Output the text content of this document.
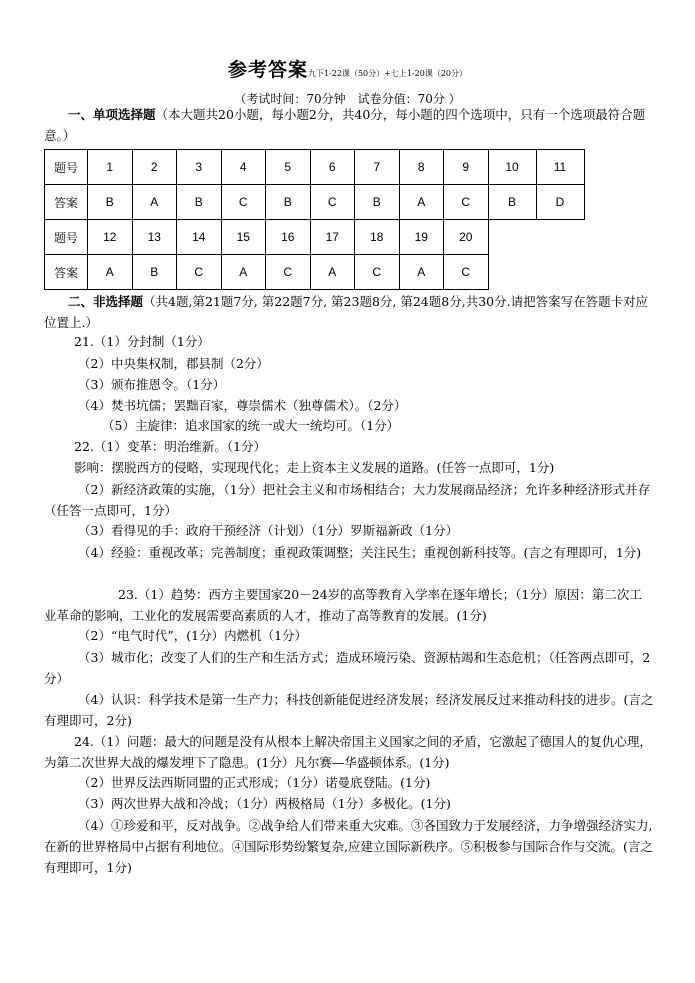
参考答案九下1-22课（50分）+七上1-20课（20分）
（考试时间：70分钟　试卷分值：70分 ）
一、单项选择题（本大题共20小题，每小题2分，共40分，每小题的四个选项中，只有一个选项最符合题意。）
题号	1	2	3	4	5	6	7	8	9	10	11
答案	B	A	B	C	B	C	B	A	C	B	D
题号	12	13	14	15	16	17	18	19	20		
答案	A	B	C	A	C	A	C	A	C		
二、非选择题（共4题,第21题7分, 第22题7分, 第23题8分, 第24题8分,共30分.请把答案写在答题卡对应位置上.）
21.（1）分封制（1分）
（2）中央集权制，郡县制（2分）
（3）颁布推恩令。（1分）
（4）焚书坑儒；罢黜百家，尊崇儒术（独尊儒术）。（2分）
（5）主旋律：追求国家的统一或大一统均可。（1分）
22.（1）变革：明治维新。（1分）
影响：摆脱西方的侵略，实现现代化；走上资本主义发展的道路。(任答一点即可，1分)
（2）新经济政策的实施，（1分）把社会主义和市场相结合；大力发展商品经济；允许多种经济形式并存（任答一点即可，1分）
（3）看得见的手：政府干预经济（计划）（1分）罗斯福新政（1分）
（4）经验：重视改革；完善制度；重视政策调整；关注民生；重视创新科技等。(言之有理即可，1分)
23.（1）趋势：西方主要国家20－24岁的高等教育入学率在逐年增长；（1分）原因：第二次工业革命的影响，工业化的发展需要高素质的人才，推动了高等教育的发展。(1分)
（2）“电气时代”，(1分）内燃机（1分）
（3）城市化；改变了人们的生产和生活方式；造成环境污染、资源枯竭和生态危机；（任答两点即可，2分）
（4）认识：科学技术是第一生产力；科技创新能促进经济发展；经济发展反过来推动科技的进步。(言之有理即可，2分)
24.（1）问题：最大的问题是没有从根本上解决帝国主义国家之间的矛盾，它激起了德国人的复仇心理，为第二次世界大战的爆发埋下了隐患。(1分）凡尔赛—华盛顿体系。(1分)
（2）世界反法西斯同盟的正式形成；（1分）诺曼底登陆。(1分)
（3）两次世界大战和冷战；（1分）两极格局（1分）多极化。(1分)
（4）①珍爱和平，反对战争。②战争给人们带来重大灾难。③各国致力于发展经济，力争增强经济实力,在新的世界格局中占据有利地位。④国际形势纷繁复杂,应建立国际新秩序。⑤积极参与国际合作与交流。(言之有理即可，1分)
